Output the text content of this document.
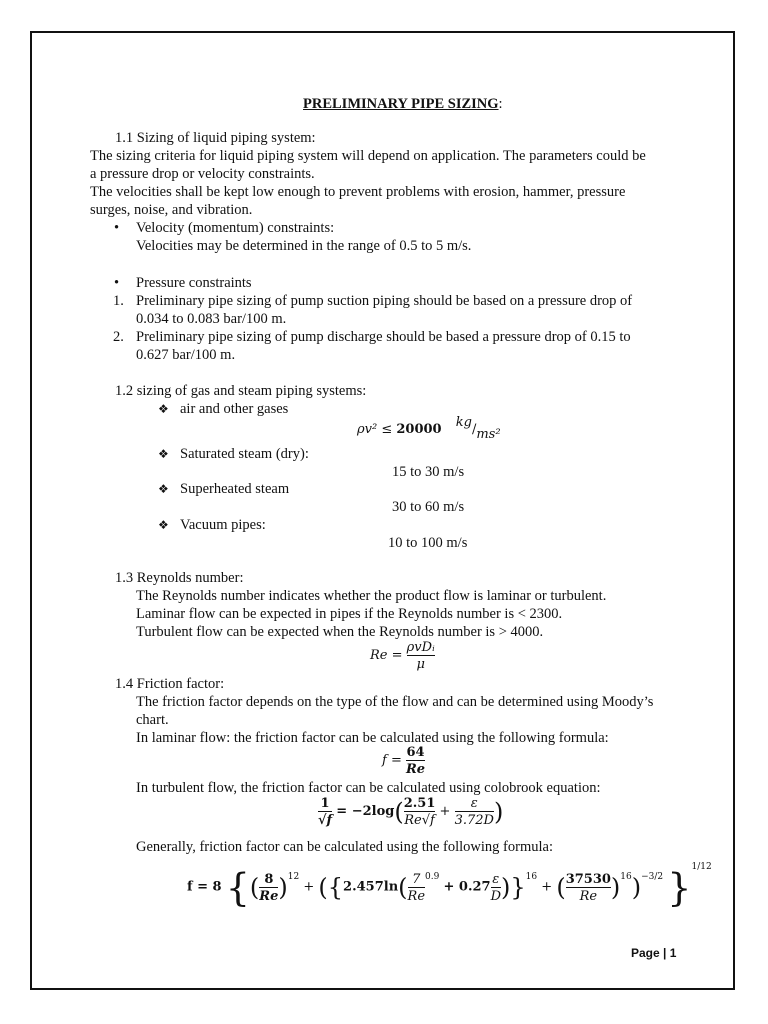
PRELIMINARY PIPE SIZING:
1.1 Sizing of liquid piping system:
The sizing criteria for liquid piping system will depend on application. The parameters could be
a pressure drop or velocity constraints.
The velocities shall be kept low enough to prevent problems with erosion, hammer, pressure
surges, noise, and vibration.
• Velocity (momentum) constraints:
Velocities may be determined in the range of 0.5 to 5 m/s.
• Pressure constraints
1. Preliminary pipe sizing of pump suction piping should be based on a pressure drop of
0.034 to 0.083 bar/100 m.
2. Preliminary pipe sizing of pump discharge should be based a pressure drop of 0.15 to
0.627 bar/100 m.
1.2 sizing of gas and steam piping systems:
❖ air and other gases
ρv² ≤ 20000 kg/ms²
❖ Saturated steam (dry):
15 to 30 m/s
❖ Superheated steam
30 to 60 m/s
❖ Vacuum pipes:
10 to 100 m/s
1.3 Reynolds number:
The Reynolds number indicates whether the product flow is laminar or turbulent.
Laminar flow can be expected in pipes if the Reynolds number is < 2300.
Turbulent flow can be expected when the Reynolds number is > 4000.
$Re = \frac{\text{ρvDᵢ}}{\mu}$
1.4 Friction factor:
The friction factor depends on the type of the flow and can be determined using Moody’s
chart.
In laminar flow: the friction factor can be calculated using the following formula:
$f = \frac{64}{Re}$
In turbulent flow, the friction factor can be calculated using colobrook equation:
$\frac{1}{√f} = -2\log( \frac{2.51}{Re√f} + \frac{\varepsilon}{3.72D}$ )
Generally, friction factor can be calculated using the following formula:
f = 8 {( $\frac{8}{Re} )^{12} + (\{2.457\ln( \frac{7}{Re} ^{0.9} + 0.27 \frac{\varepsilon}{D} )\}^{16}$ + ( $\frac{37530}{Re} )^{16})^{-3/2}$ }$^{1/12}$
Page | 1
